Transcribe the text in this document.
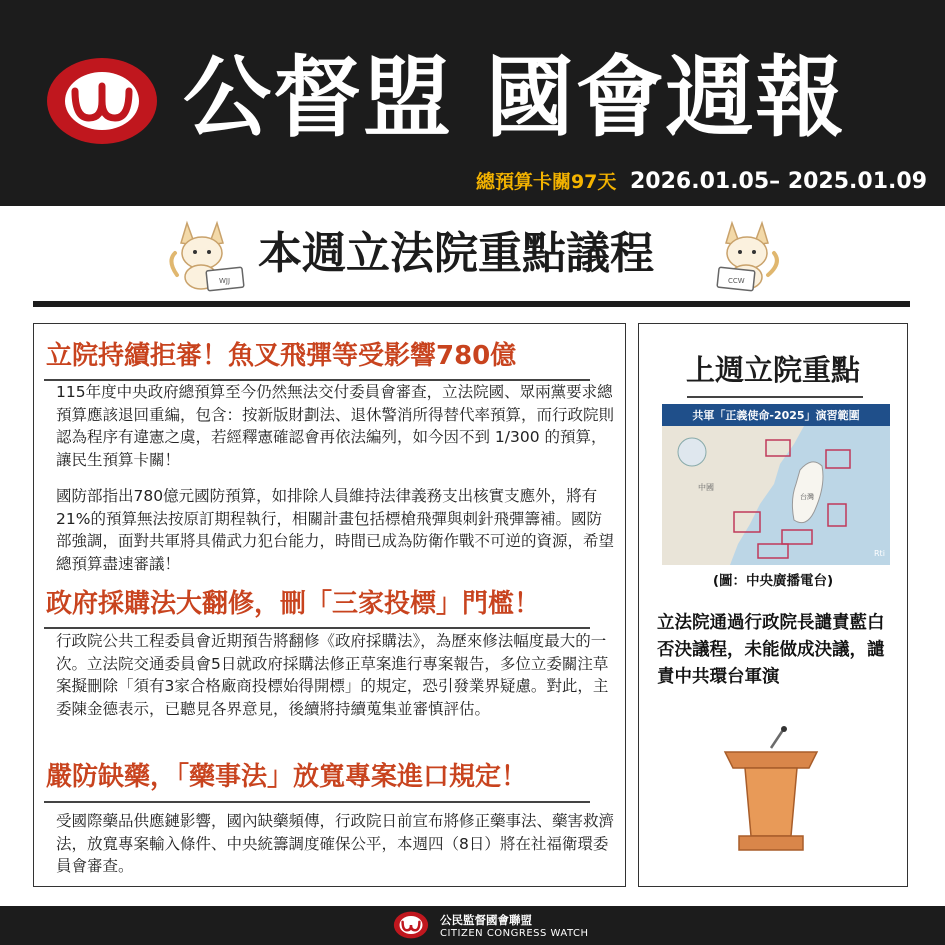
公督盟 國會週報
總預算卡關97天 2026.01.05– 2025.01.09
WJJ
本週立法院重點議程
CCW
立院持續拒審！魚叉飛彈等受影響780億
115年度中央政府總預算至今仍然無法交付委員會審查，立法院國、眾兩黨要求總預算應該退回重編，包含：按新版財劃法、退休警消所得替代率預算，而行政院則認為程序有違憲之虞，若經釋憲確認會再依法編列，如今因不到 1/300 的預算，讓民生預算卡關！
國防部指出780億元國防預算，如排除人員維持法律義務支出核實支應外，將有21%的預算無法按原訂期程執行，相關計畫包括標槍飛彈與刺針飛彈籌補。國防部強調，面對共軍將具備武力犯台能力，時間已成為防衛作戰不可逆的資源，希望總預算盡速審議！
政府採購法大翻修，刪「三家投標」門檻！
行政院公共工程委員會近期預告將翻修《政府採購法》，為歷來修法幅度最大的一次。立法院交通委員會5日就政府採購法修正草案進行專案報告，多位立委關注草案擬刪除「須有3家合格廠商投標始得開標」的規定，恐引發業界疑慮。對此，主委陳金德表示，已聽見各界意見，後續將持續蒐集並審慎評估。
嚴防缺藥，「藥事法」放寬專案進口規定！
受國際藥品供應鏈影響，國內缺藥頻傳，行政院日前宣布將修正藥事法、藥害救濟法，放寬專案輸入條件、中央統籌調度確保公平，本週四（8日）將在社福衛環委員會審查。
上週立院重點
共軍「正義使命-2025」演習範圍
中國
台灣
Rti
(圖：中央廣播電台)
立法院通過行政院長譴責藍白否決議程，未能做成決議，譴責中共環台軍演
公民監督國會聯盟
CITIZEN CONGRESS WATCH
